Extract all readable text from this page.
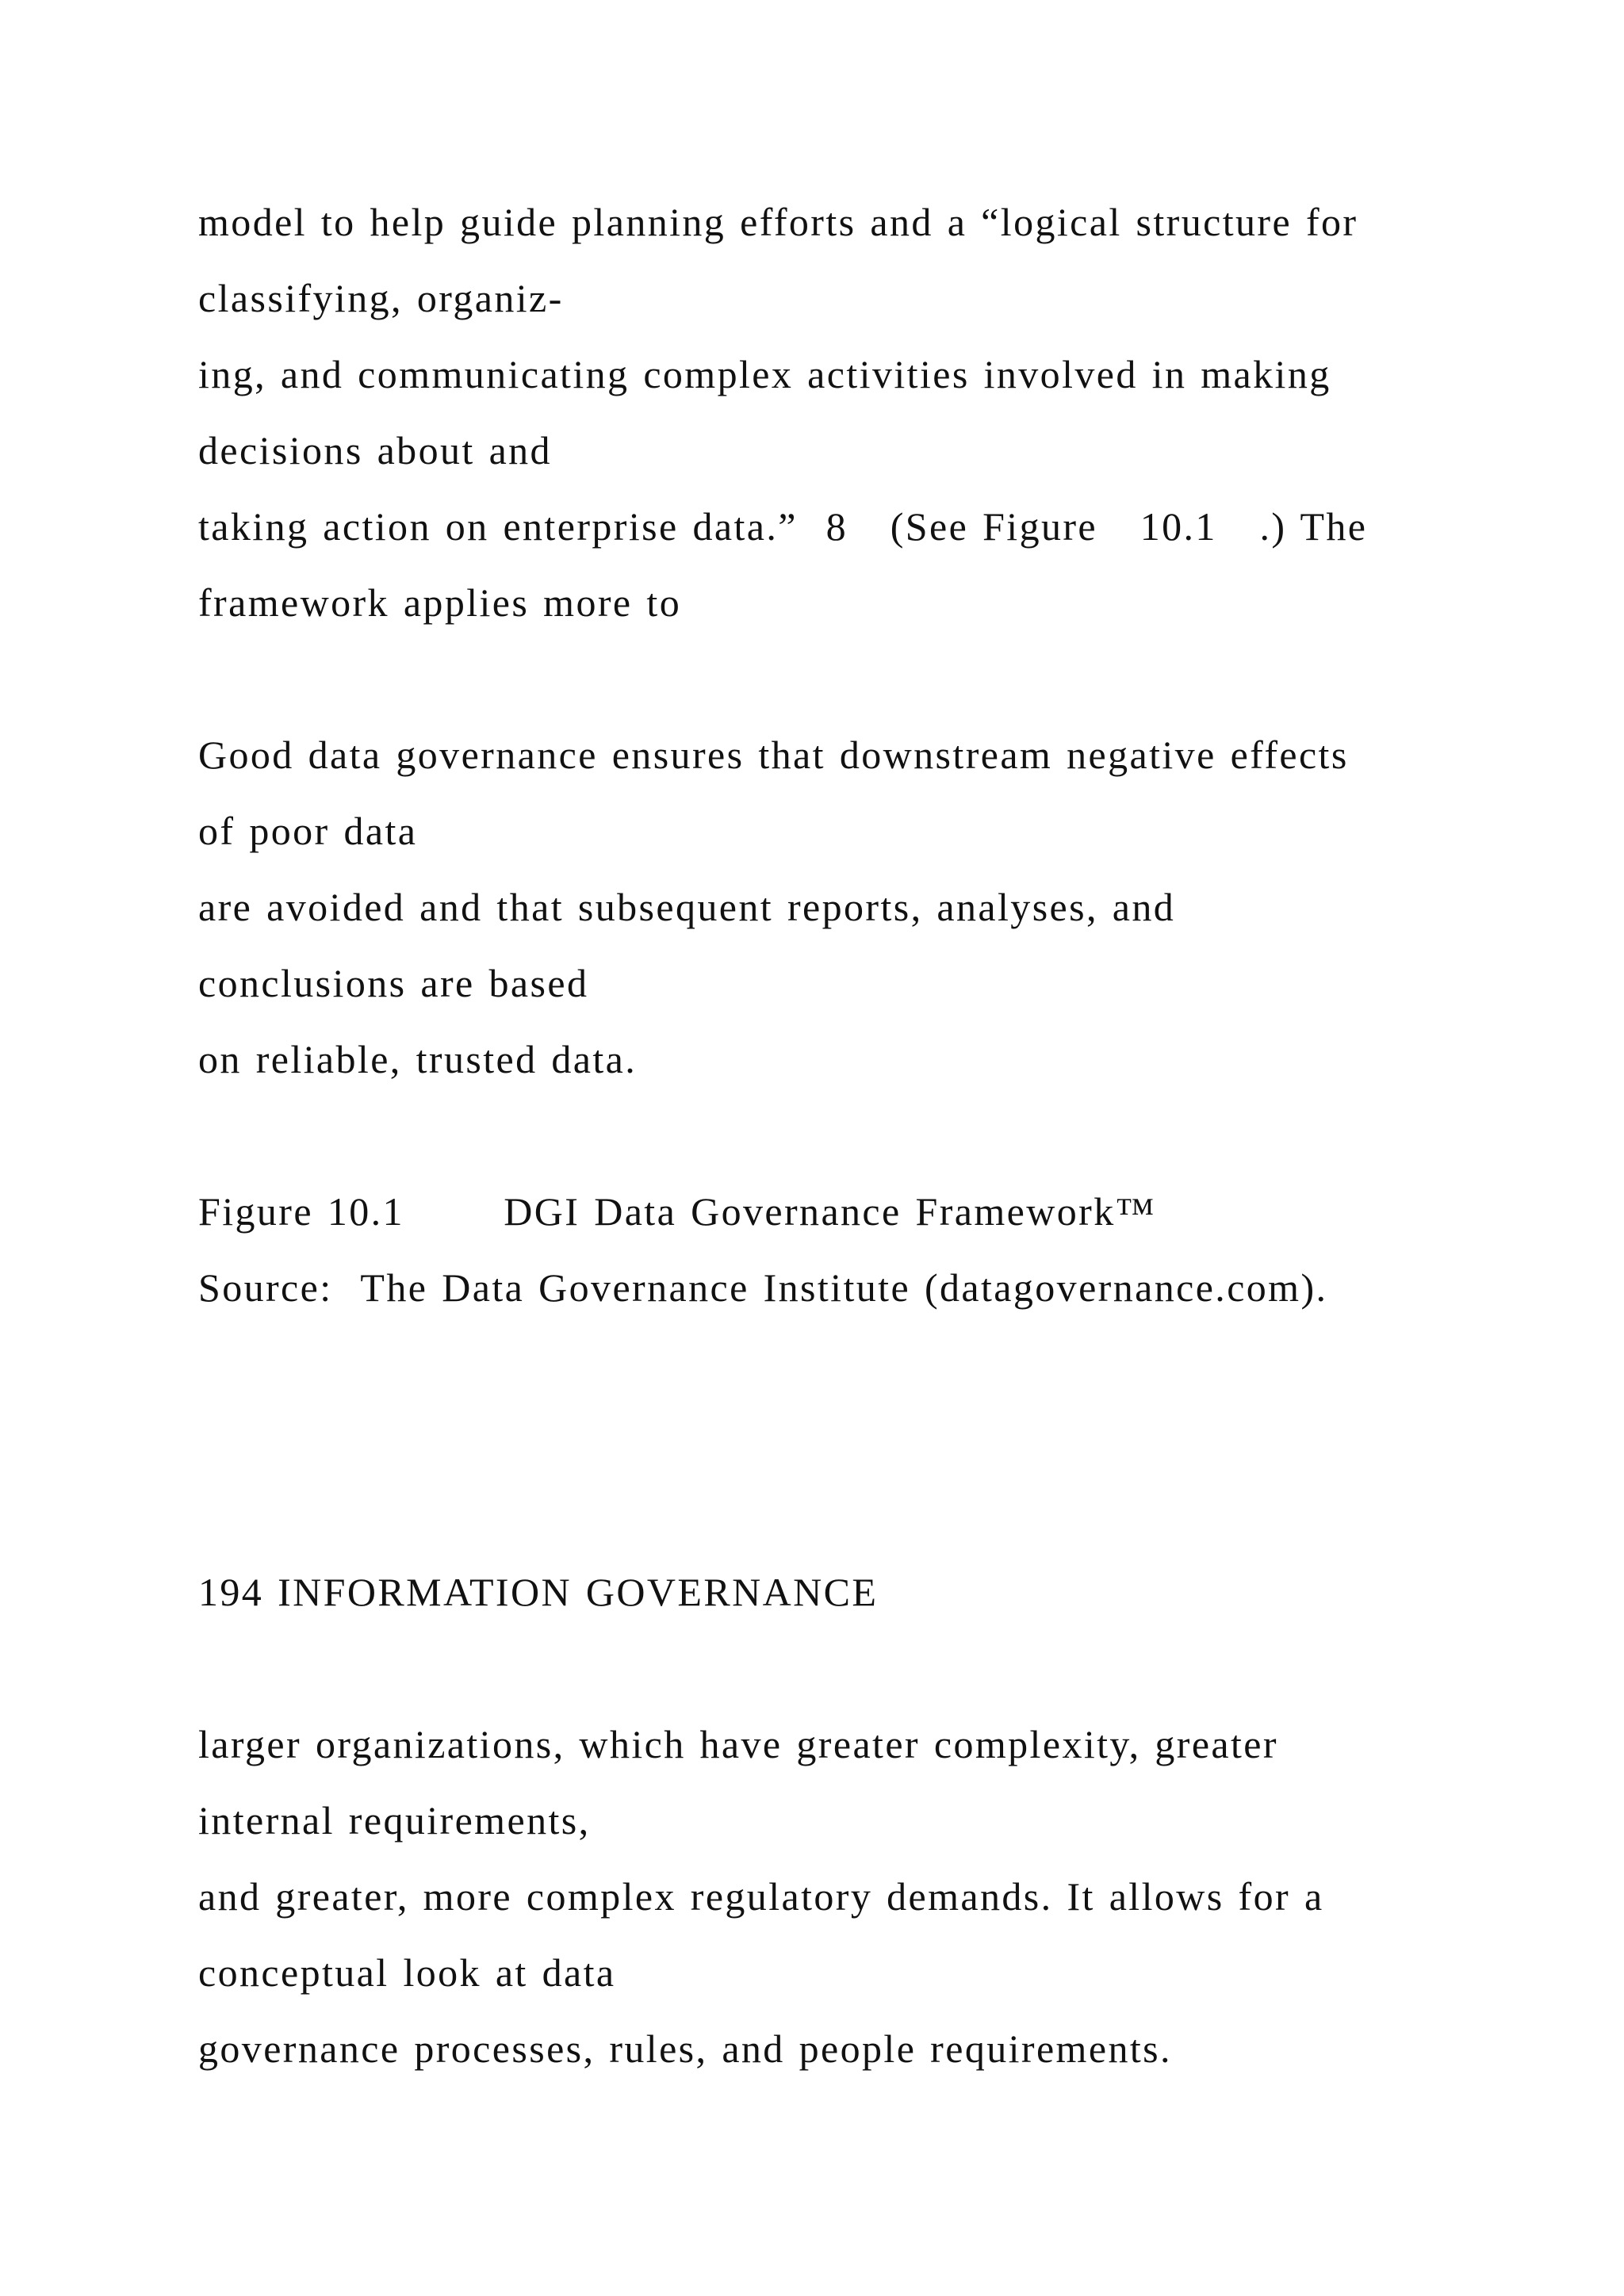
model to help guide planning efforts and a “logical structure for
classifying, organiz-
ing, and communicating complex activities involved in making
decisions about and
taking action on enterprise data.”  8   (See Figure   10.1   .) The
framework applies more to
Good data governance ensures that downstream negative effects
of poor data
are avoided and that subsequent reports, analyses, and
conclusions are based
on reliable, trusted data.
Figure 10.1       DGI Data Governance Framework™
Source:  The Data Governance Institute (datagovernance.com).
194 INFORMATION GOVERNANCE
larger organizations, which have greater complexity, greater
internal requirements,
and greater, more complex regulatory demands. It allows for a
conceptual look at data
governance processes, rules, and people requirements.
